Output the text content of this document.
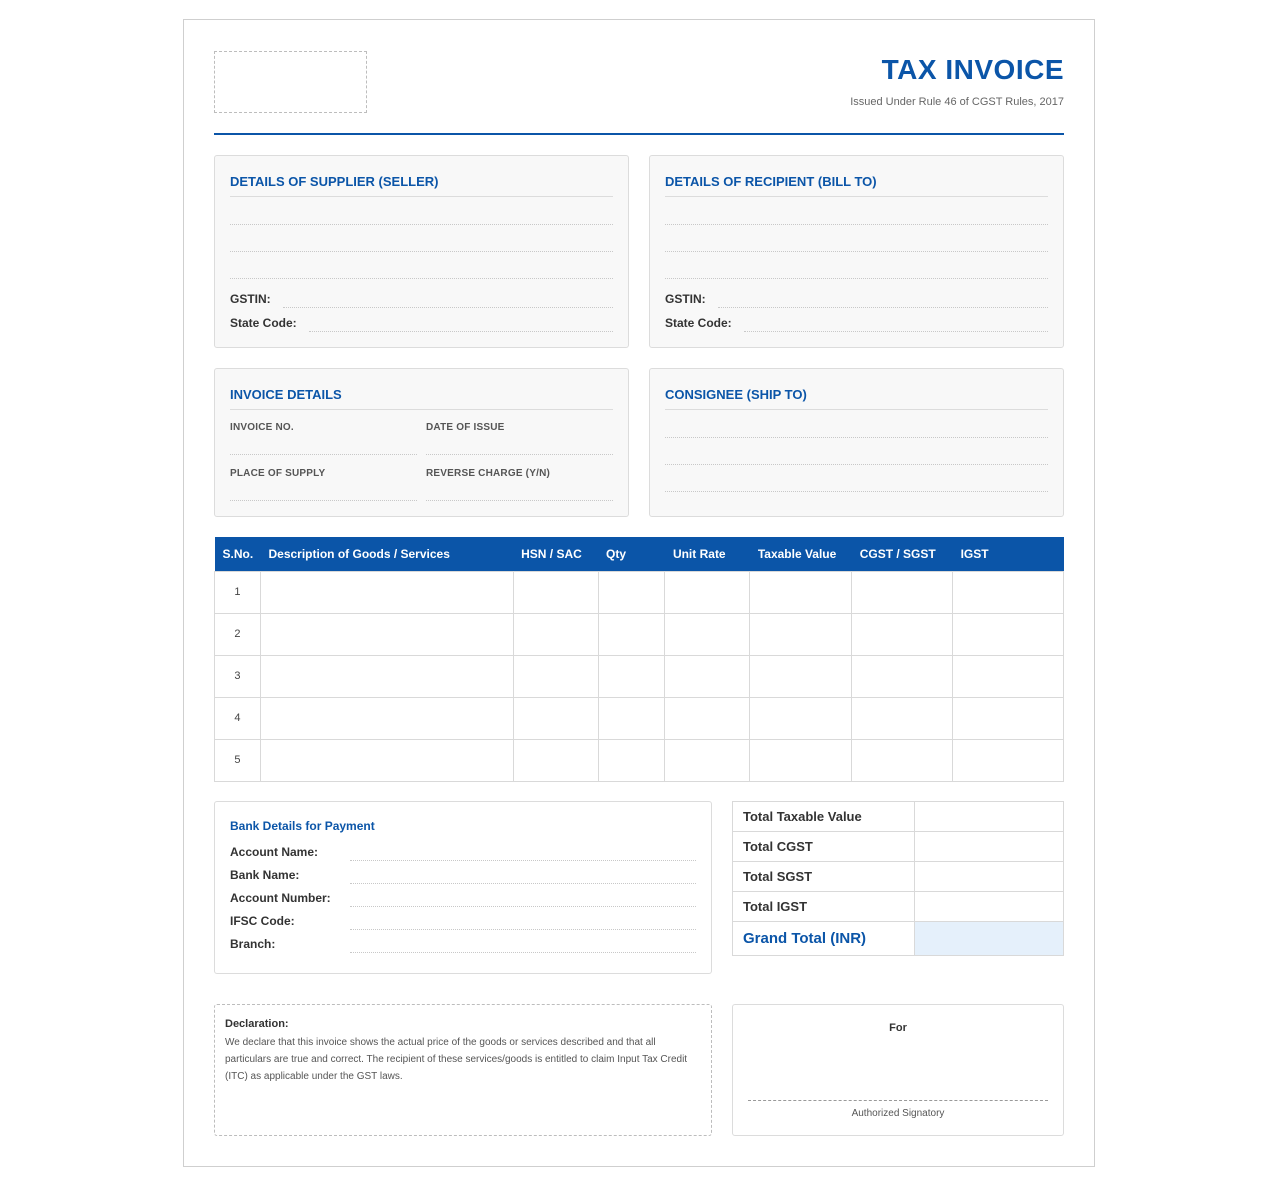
TAX INVOICE
Issued Under Rule 46 of CGST Rules, 2017
DETAILS OF SUPPLIER (SELLER)
GSTIN:
State Code:
DETAILS OF RECIPIENT (BILL TO)
GSTIN:
State Code:
INVOICE DETAILS
INVOICE NO.	DATE OF ISSUE
PLACE OF SUPPLY	REVERSE CHARGE (Y/N)
CONSIGNEE (SHIP TO)
S.No.	Description of Goods / Services	HSN / SAC	Qty	Unit Rate	Taxable Value	CGST / SGST	IGST
1							
2							
3							
4							
5							
Bank Details for Payment
Account Name:
Bank Name:
Account Number:
IFSC Code:
Branch:
Total Taxable Value	
Total CGST	
Total SGST	
Total IGST	
Grand Total (INR)	
Declaration:
We declare that this invoice shows the actual price of the goods or services described and that all particulars are true and correct. The recipient of these services/goods is entitled to claim Input Tax Credit (ITC) as applicable under the GST laws.
For
Authorized Signatory
